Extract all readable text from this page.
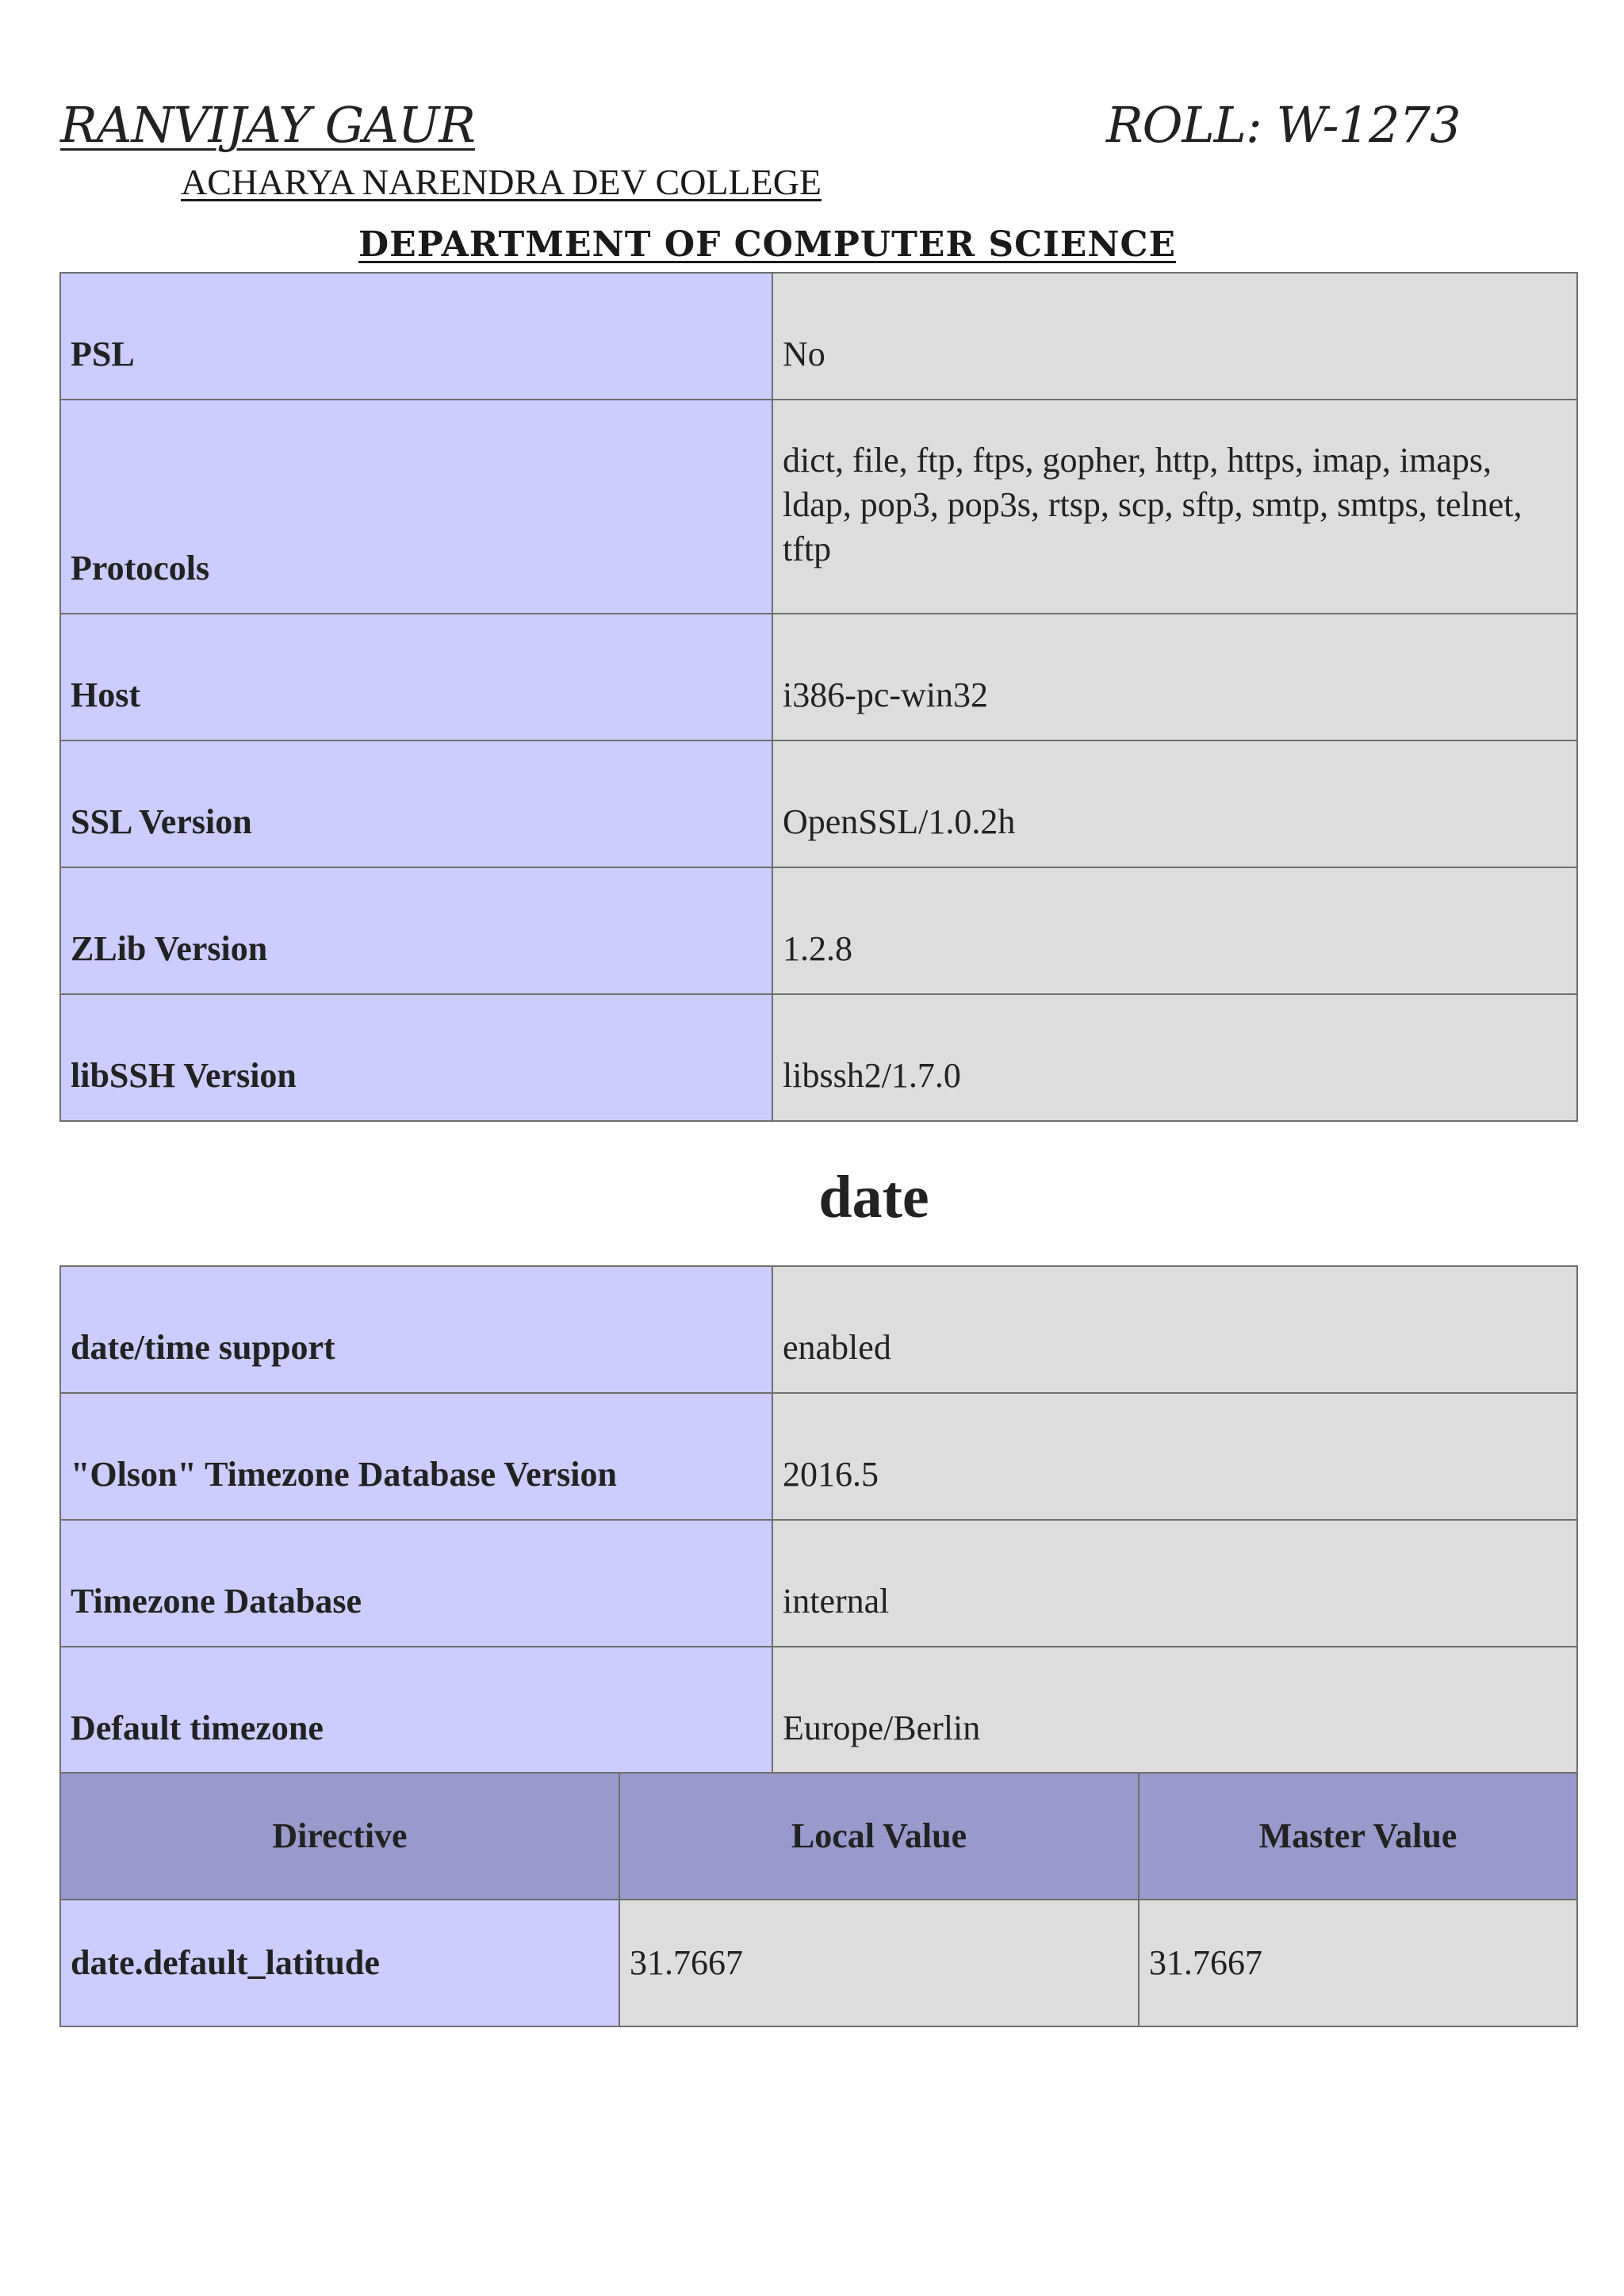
RANVIJAY GAUR	ROLL: W-1273
ACHARYA NARENDRA DEV COLLEGE
DEPARTMENT OF COMPUTER SCIENCE
PSL	No
Protocols	dict, file, ftp, ftps, gopher, http, https, imap, imaps, ldap, pop3, pop3s, rtsp, scp, sftp, smtp, smtps, telnet, tftp
Host	i386-pc-win32
SSL Version	OpenSSL/1.0.2h
ZLib Version	1.2.8
libSSH Version	libssh2/1.7.0
date
date/time support	enabled
"Olson" Timezone Database Version	2016.5
Timezone Database	internal
Default timezone	Europe/Berlin
Directive	Local Value	Master Value
date.default_latitude	31.7667	31.7667
